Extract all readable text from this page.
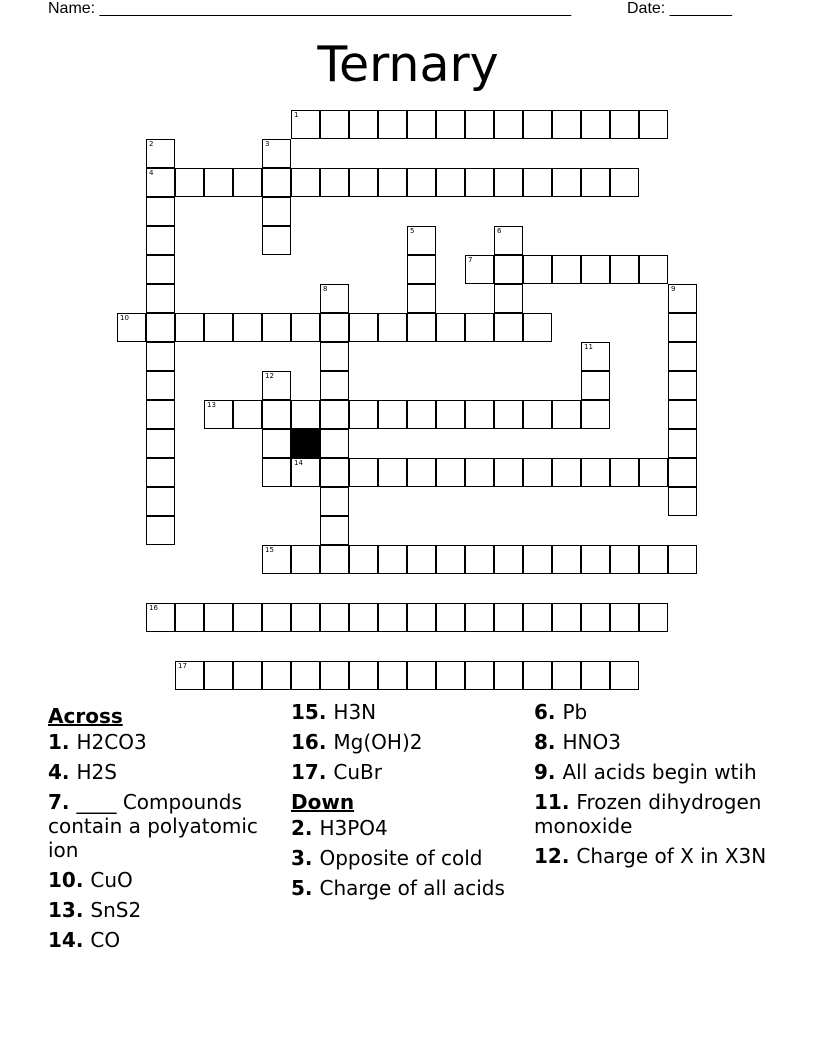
Name: _____________________________________________________	Date: _______
Ternary
1
2
4
3
5	6
7
8	9
10
11
12
13
14
15
16
17
Across
1. H2CO3
4. H2S
7. ____ Compounds contain a polyatomic ion
10. CuO
13. SnS2
14. CO
15. H3N
16. Mg(OH)2
17. CuBr
Down
2. H3PO4
3. Opposite of cold
5. Charge of all acids
6. Pb
8. HNO3
9. All acids begin wtih
11. Frozen dihydrogen monoxide
12. Charge of X in X3N
